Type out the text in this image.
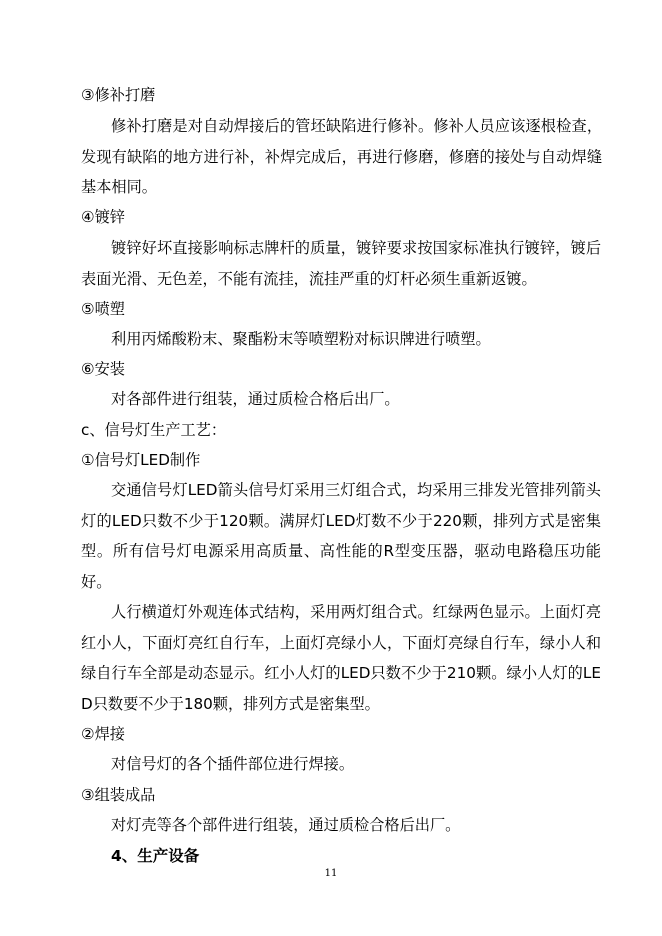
③修补打磨

修补打磨是对自动焊接后的管坯缺陷进行修补。修补人员应该逐根检查，发现有缺陷的地方进行补，补焊完成后，再进行修磨，修磨的接处与自动焊缝基本相同。

④镀锌

镀锌好坏直接影响标志牌杆的质量，镀锌要求按国家标准执行镀锌，镀后表面光滑、无色差，不能有流挂，流挂严重的灯杆必须生重新返镀。

⑤喷塑

利用丙烯酸粉末、聚酯粉末等喷塑粉对标识牌进行喷塑。

⑥安装

对各部件进行组装，通过质检合格后出厂。

c、信号灯生产工艺：

①信号灯LED制作

交通信号灯LED箭头信号灯采用三灯组合式，均采用三排发光管排列箭头灯的LED只数不少于120颗。满屏灯LED灯数不少于220颗，排列方式是密集型。所有信号灯电源采用高质量、高性能的R型变压器，驱动电路稳压功能好。

人行横道灯外观连体式结构，采用两灯组合式。红绿两色显示。上面灯亮红小人，下面灯亮红自行车，上面灯亮绿小人，下面灯亮绿自行车，绿小人和绿自行车全部是动态显示。红小人灯的LED只数不少于210颗。绿小人灯的LED只数要不少于180颗，排列方式是密集型。

②焊接

对信号灯的各个插件部位进行焊接。

③组装成品

对灯壳等各个部件进行组装，通过质检合格后出厂。

4、生产设备

11
